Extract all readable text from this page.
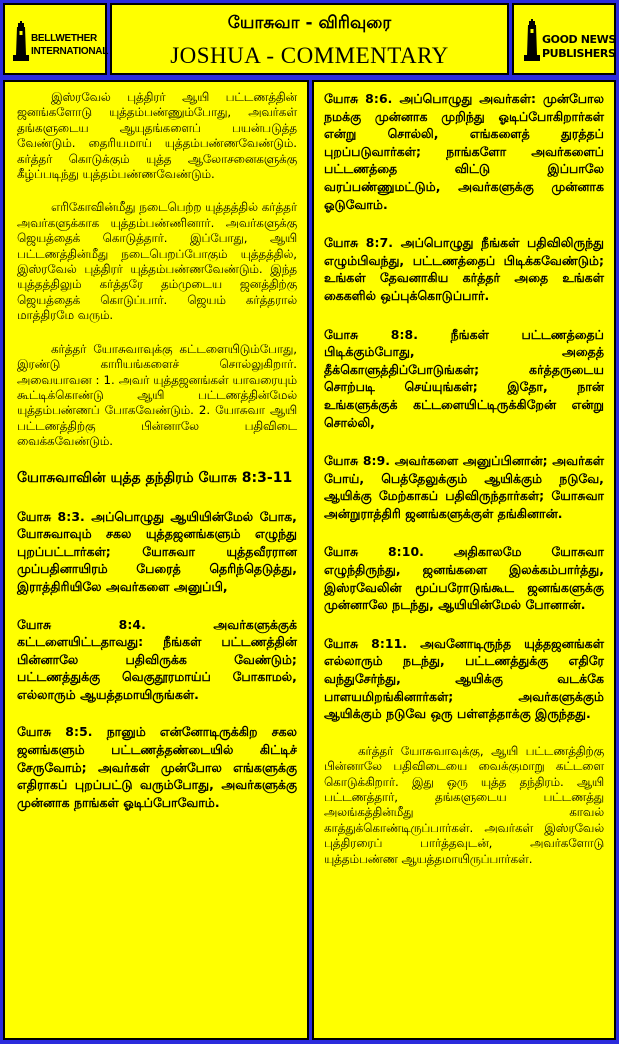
BELLWETHER
INTERNATIONAL
யோசுவா - விரிவுரை
JOSHUA - COMMENTARY
GOOD NEWS
PUBLISHERS

இஸ்ரவேல் புத்திரர் ஆயி பட்டணத்தின் ஜனங்களோடு யுத்தம்பண்ணும்போது, அவர்கள் தங்களுடைய ஆயுதங்களைப் பயன்படுத்த வேண்டும். தைரியமாய் யுத்தம்பண்ணவேண்டும். கர்த்தர் கொடுக்கும் யுத்த ஆலோசனைகளுக்கு கீழ்ப்படிந்து யுத்தம்பண்ணவேண்டும்.

எரிகோவின்மீது நடைபெற்ற யுத்தத்தில் கர்த்தர் அவர்களுக்காக யுத்தம்பண்ணினார். அவர்களுக்கு ஜெயத்தைக் கொடுத்தார். இப்போது, ஆயி பட்டணத்தின்மீது நடைபெறப்போகும் யுத்தத்தில், இஸ்ரவேல் புத்திரர் யுத்தம்பண்ணவேண்டும். இந்த யுத்தத்திலும் கர்த்தரே தம்முடைய ஜனத்திற்கு ஜெயத்தைக் கொடுப்பார். ஜெயம் கர்த்தரால் மாத்திரமே வரும்.

கர்த்தர் யோசுவாவுக்கு கட்டளையிடும்போது, இரண்டு காரியங்களைச் சொல்லுகிறார். அவையாவன : 1. அவர் யுத்தஜனங்கள் யாவரையும் கூட்டிக்கொண்டு ஆயி பட்டணத்தின்மேல் யுத்தம்பண்ணப் போகவேண்டும். 2. யோசுவா ஆயி பட்டணத்திற்கு பின்னாலே பதிவிடை வைக்கவேண்டும்.

யோசுவாவின் யுத்த தந்திரம் யோசு 8:3-11

யோசு 8:3. அப்பொழுது ஆயியின்மேல் போக, யோசுவாவும் சகல யுத்தஜனங்களும் எழுந்து புறப்பட்டார்கள்; யோசுவா யுத்தவீரரான முப்பதினாயிரம் பேரைத் தெரிந்தெடுத்து, இராத்திரியிலே அவர்களை அனுப்பி,

யோசு 8:4. அவர்களுக்குக் கட்டளையிட்டதாவது: நீங்கள் பட்டணத்தின் பின்னாலே பதிவிருக்க வேண்டும்; பட்டணத்துக்கு வெகுதூரமாய்ப் போகாமல், எல்லாரும் ஆயத்தமாயிருங்கள்.

யோசு 8:5. நானும் என்னோடிருக்கிற சகல ஜனங்களும் பட்டணத்தண்டையில் கிட்டிச் சேருவோம்; அவர்கள் முன்போல எங்களுக்கு எதிராகப் புறப்பட்டு வரும்போது, அவர்களுக்கு முன்னாக நாங்கள் ஓடிப்போவோம்.

யோசு 8:6. அப்பொழுது அவர்கள்: முன்போல நமக்கு முன்னாக முறிந்து ஓடிப்போகிறார்கள் என்று சொல்லி, எங்களைத் துரத்தப் புறப்படுவார்கள்; நாங்களோ அவர்களைப் பட்டணத்தை விட்டு இப்பாலே வரப்பண்ணுமட்டும், அவர்களுக்கு முன்னாக ஓடுவோம்.

யோசு 8:7. அப்பொழுது நீங்கள் பதிவிலிருந்து எழும்பிவந்து, பட்டணத்தைப் பிடிக்கவேண்டும்; உங்கள் தேவனாகிய கர்த்தர் அதை உங்கள் கைகளில் ஒப்புக்கொடுப்பார்.

யோசு 8:8. நீங்கள் பட்டணத்தைப் பிடிக்கும்போது, அதைத் தீக்கொளுத்திப்போடுங்கள்; கர்த்தருடைய சொற்படி செய்யுங்கள்; இதோ, நான் உங்களுக்குக் கட்டளையிட்டிருக்கிறேன் என்று சொல்லி,

யோசு 8:9. அவர்களை அனுப்பினான்; அவர்கள் போய், பெத்தேலுக்கும் ஆயிக்கும் நடுவே, ஆயிக்கு மேற்காகப் பதிவிருந்தார்கள்; யோசுவா அன்றுராத்திரி ஜனங்களுக்குள் தங்கினான்.

யோசு 8:10. அதிகாலமே யோசுவா எழுந்திருந்து, ஜனங்களை இலக்கம்பார்த்து, இஸ்ரவேலின் மூப்பரோடுங்கூட ஜனங்களுக்கு முன்னாலே நடந்து, ஆயியின்மேல் போனான்.

யோசு 8:11. அவனோடிருந்த யுத்தஜனங்கள் எல்லாரும் நடந்து, பட்டணத்துக்கு எதிரே வந்துசேர்ந்து, ஆயிக்கு வடக்கே பாளயமிறங்கினார்கள்; அவர்களுக்கும் ஆயிக்கும் நடுவே ஒரு பள்ளத்தாக்கு இருந்தது.

கர்த்தர் யோசுவாவுக்கு, ஆயி பட்டணத்திற்கு பின்னாலே பதிவிடையை வைக்குமாறு கட்டளை கொடுக்கிறார். இது ஒரு யுத்த தந்திரம். ஆயி பட்டணத்தார், தங்களுடைய பட்டணத்து அலங்கத்தின்மீது காவல் காத்துக்கொண்டிருப்பார்கள். அவர்கள் இஸ்ரவேல் புத்திரரைப் பார்த்தவுடன், அவர்களோடு யுத்தம்பண்ண ஆயத்தமாயிருப்பார்கள்.
